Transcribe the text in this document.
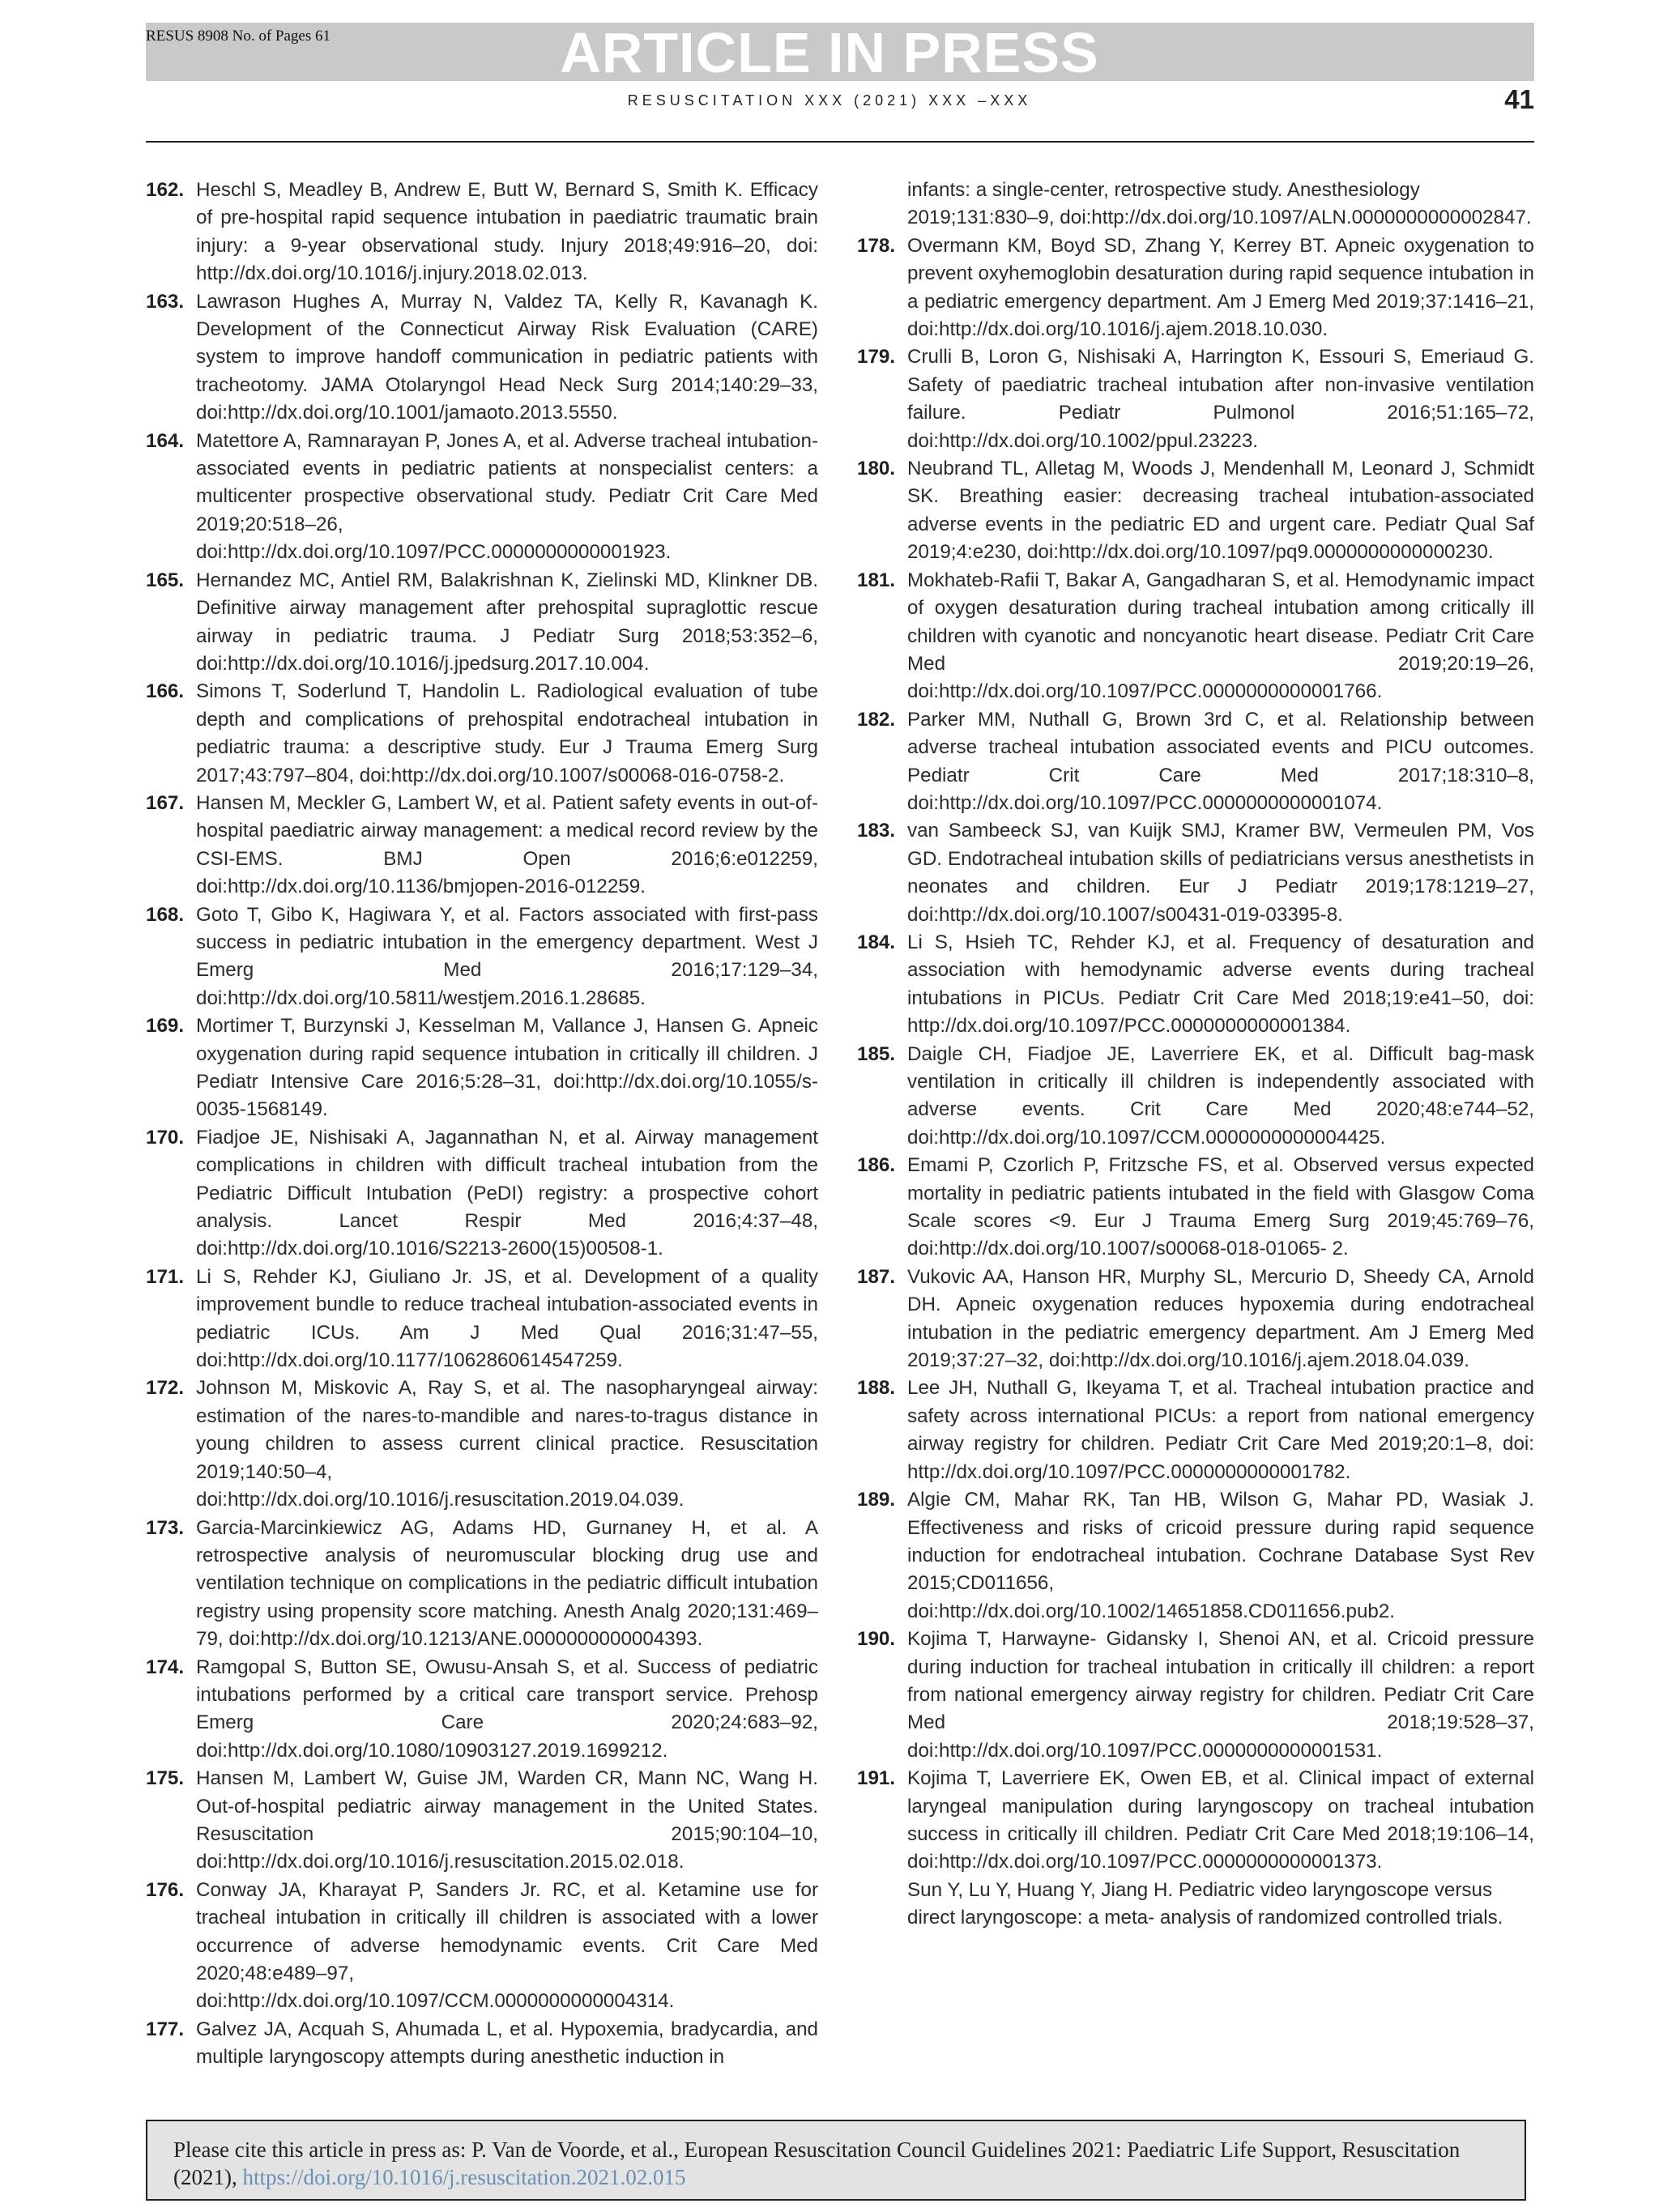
ARTICLE IN PRESS
RESUS 8908 No. of Pages 61
RESUSCITATION XXX (2021) XXX –XXX	41
162. Heschl S, Meadley B, Andrew E, Butt W, Bernard S, Smith K. Efficacy of pre-hospital rapid sequence intubation in paediatric traumatic brain injury: a 9-year observational study. Injury 2018;49:916–20, doi: http://dx.doi.org/10.1016/j.injury.2018.02.013.
163. Lawrason Hughes A, Murray N, Valdez TA, Kelly R, Kavanagh K. Development of the Connecticut Airway Risk Evaluation (CARE) system to improve handoff communication in pediatric patients with tracheotomy. JAMA Otolaryngol Head Neck Surg 2014;140:29–33, doi:http://dx.doi.org/10.1001/jamaoto.2013.5550.
164. Matettore A, Ramnarayan P, Jones A, et al. Adverse tracheal intubation- associated events in pediatric patients at nonspecialist centers: a multicenter prospective observational study. Pediatr Crit Care Med 2019;20:518–26, doi:http://dx.doi.org/10.1097/PCC.0000000000001923.
165. Hernandez MC, Antiel RM, Balakrishnan K, Zielinski MD, Klinkner DB. Definitive airway management after prehospital supraglottic rescue airway in pediatric trauma. J Pediatr Surg 2018;53:352–6, doi:http://dx.doi.org/10.1016/j.jpedsurg.2017.10.004.
166. Simons T, Soderlund T, Handolin L. Radiological evaluation of tube depth and complications of prehospital endotracheal intubation in pediatric trauma: a descriptive study. Eur J Trauma Emerg Surg 2017;43:797–804, doi:http://dx.doi.org/10.1007/s00068-016-0758-2.
167. Hansen M, Meckler G, Lambert W, et al. Patient safety events in out-of-hospital paediatric airway management: a medical record review by the CSI-EMS. BMJ Open 2016;6:e012259, doi:http://dx.doi.org/10.1136/bmjopen-2016-012259.
168. Goto T, Gibo K, Hagiwara Y, et al. Factors associated with first-pass success in pediatric intubation in the emergency department. West J Emerg Med 2016;17:129–34, doi:http://dx.doi.org/10.5811/westjem.2016.1.28685.
169. Mortimer T, Burzynski J, Kesselman M, Vallance J, Hansen G. Apneic oxygenation during rapid sequence intubation in critically ill children. J Pediatr Intensive Care 2016;5:28–31, doi:http://dx.doi.org/10.1055/s-0035-1568149.
170. Fiadjoe JE, Nishisaki A, Jagannathan N, et al. Airway management complications in children with difficult tracheal intubation from the Pediatric Difficult Intubation (PeDI) registry: a prospective cohort analysis. Lancet Respir Med 2016;4:37–48, doi:http://dx.doi.org/10.1016/S2213-2600(15)00508-1.
171. Li S, Rehder KJ, Giuliano Jr. JS, et al. Development of a quality improvement bundle to reduce tracheal intubation-associated events in pediatric ICUs. Am J Med Qual 2016;31:47–55, doi:http://dx.doi.org/10.1177/1062860614547259.
172. Johnson M, Miskovic A, Ray S, et al. The nasopharyngeal airway: estimation of the nares-to-mandible and nares-to-tragus distance in young children to assess current clinical practice. Resuscitation 2019;140:50–4, doi:http://dx.doi.org/10.1016/j.resuscitation.2019.04.039.
173. Garcia-Marcinkiewicz AG, Adams HD, Gurnaney H, et al. A retrospective analysis of neuromuscular blocking drug use and ventilation technique on complications in the pediatric difficult intubation registry using propensity score matching. Anesth Analg 2020;131:469–79, doi:http://dx.doi.org/10.1213/ANE.0000000000004393.
174. Ramgopal S, Button SE, Owusu-Ansah S, et al. Success of pediatric intubations performed by a critical care transport service. Prehosp Emerg Care 2020;24:683–92, doi:http://dx.doi.org/10.1080/10903127.2019.1699212.
175. Hansen M, Lambert W, Guise JM, Warden CR, Mann NC, Wang H. Out-of-hospital pediatric airway management in the United States. Resuscitation 2015;90:104–10, doi:http://dx.doi.org/10.1016/j.resuscitation.2015.02.018.
176. Conway JA, Kharayat P, Sanders Jr. RC, et al. Ketamine use for tracheal intubation in critically ill children is associated with a lower occurrence of adverse hemodynamic events. Crit Care Med 2020;48:e489–97, doi:http://dx.doi.org/10.1097/CCM.0000000000004314.
177. Galvez JA, Acquah S, Ahumada L, et al. Hypoxemia, bradycardia, and multiple laryngoscopy attempts during anesthetic induction in
infants: a single-center, retrospective study. Anesthesiology 2019;131:830–9, doi:http://dx.doi.org/10.1097/ALN.0000000000002847.
178. Overmann KM, Boyd SD, Zhang Y, Kerrey BT. Apneic oxygenation to prevent oxyhemoglobin desaturation during rapid sequence intubation in a pediatric emergency department. Am J Emerg Med 2019;37:1416–21, doi:http://dx.doi.org/10.1016/j.ajem.2018.10.030.
179. Crulli B, Loron G, Nishisaki A, Harrington K, Essouri S, Emeriaud G. Safety of paediatric tracheal intubation after non-invasive ventilation failure. Pediatr Pulmonol 2016;51:165–72, doi:http://dx.doi.org/10.1002/ppul.23223.
180. Neubrand TL, Alletag M, Woods J, Mendenhall M, Leonard J, Schmidt SK. Breathing easier: decreasing tracheal intubation-associated adverse events in the pediatric ED and urgent care. Pediatr Qual Saf 2019;4:e230, doi:http://dx.doi.org/10.1097/pq9.0000000000000230.
181. Mokhateb-Rafii T, Bakar A, Gangadharan S, et al. Hemodynamic impact of oxygen desaturation during tracheal intubation among critically ill children with cyanotic and noncyanotic heart disease. Pediatr Crit Care Med 2019;20:19–26, doi:http://dx.doi.org/10.1097/PCC.0000000000001766.
182. Parker MM, Nuthall G, Brown 3rd C, et al. Relationship between adverse tracheal intubation associated events and PICU outcomes. Pediatr Crit Care Med 2017;18:310–8, doi:http://dx.doi.org/10.1097/PCC.0000000000001074.
183. van Sambeeck SJ, van Kuijk SMJ, Kramer BW, Vermeulen PM, Vos GD. Endotracheal intubation skills of pediatricians versus anesthetists in neonates and children. Eur J Pediatr 2019;178:1219–27, doi:http://dx.doi.org/10.1007/s00431-019-03395-8.
184. Li S, Hsieh TC, Rehder KJ, et al. Frequency of desaturation and association with hemodynamic adverse events during tracheal intubations in PICUs. Pediatr Crit Care Med 2018;19:e41–50, doi: http://dx.doi.org/10.1097/PCC.0000000000001384.
185. Daigle CH, Fiadjoe JE, Laverriere EK, et al. Difficult bag-mask ventilation in critically ill children is independently associated with adverse events. Crit Care Med 2020;48:e744–52, doi:http://dx.doi.org/10.1097/CCM.0000000000004425.
186. Emami P, Czorlich P, Fritzsche FS, et al. Observed versus expected mortality in pediatric patients intubated in the field with Glasgow Coma Scale scores <9. Eur J Trauma Emerg Surg 2019;45:769–76, doi:http://dx.doi.org/10.1007/s00068-018-01065- 2.
187. Vukovic AA, Hanson HR, Murphy SL, Mercurio D, Sheedy CA, Arnold DH. Apneic oxygenation reduces hypoxemia during endotracheal intubation in the pediatric emergency department. Am J Emerg Med 2019;37:27–32, doi:http://dx.doi.org/10.1016/j.ajem.2018.04.039.
188. Lee JH, Nuthall G, Ikeyama T, et al. Tracheal intubation practice and safety across international PICUs: a report from national emergency airway registry for children. Pediatr Crit Care Med 2019;20:1–8, doi: http://dx.doi.org/10.1097/PCC.0000000000001782.
189. Algie CM, Mahar RK, Tan HB, Wilson G, Mahar PD, Wasiak J. Effectiveness and risks of cricoid pressure during rapid sequence induction for endotracheal intubation. Cochrane Database Syst Rev 2015;CD011656, doi:http://dx.doi.org/10.1002/14651858.CD011656.pub2.
190. Kojima T, Harwayne- Gidansky I, Shenoi AN, et al. Cricoid pressure during induction for tracheal intubation in critically ill children: a report from national emergency airway registry for children. Pediatr Crit Care Med 2018;19:528–37, doi:http://dx.doi.org/10.1097/PCC.0000000000001531.
191. Kojima T, Laverriere EK, Owen EB, et al. Clinical impact of external laryngeal manipulation during laryngoscopy on tracheal intubation success in critically ill children. Pediatr Crit Care Med 2018;19:106–14, doi:http://dx.doi.org/10.1097/PCC.0000000000001373.
Sun Y, Lu Y, Huang Y, Jiang H. Pediatric video laryngoscope versus direct laryngoscope: a meta- analysis of randomized controlled trials.
Please cite this article in press as: P. Van de Voorde, et al., European Resuscitation Council Guidelines 2021: Paediatric Life Support, Resuscitation (2021), https://doi.org/10.1016/j.resuscitation.2021.02.015
